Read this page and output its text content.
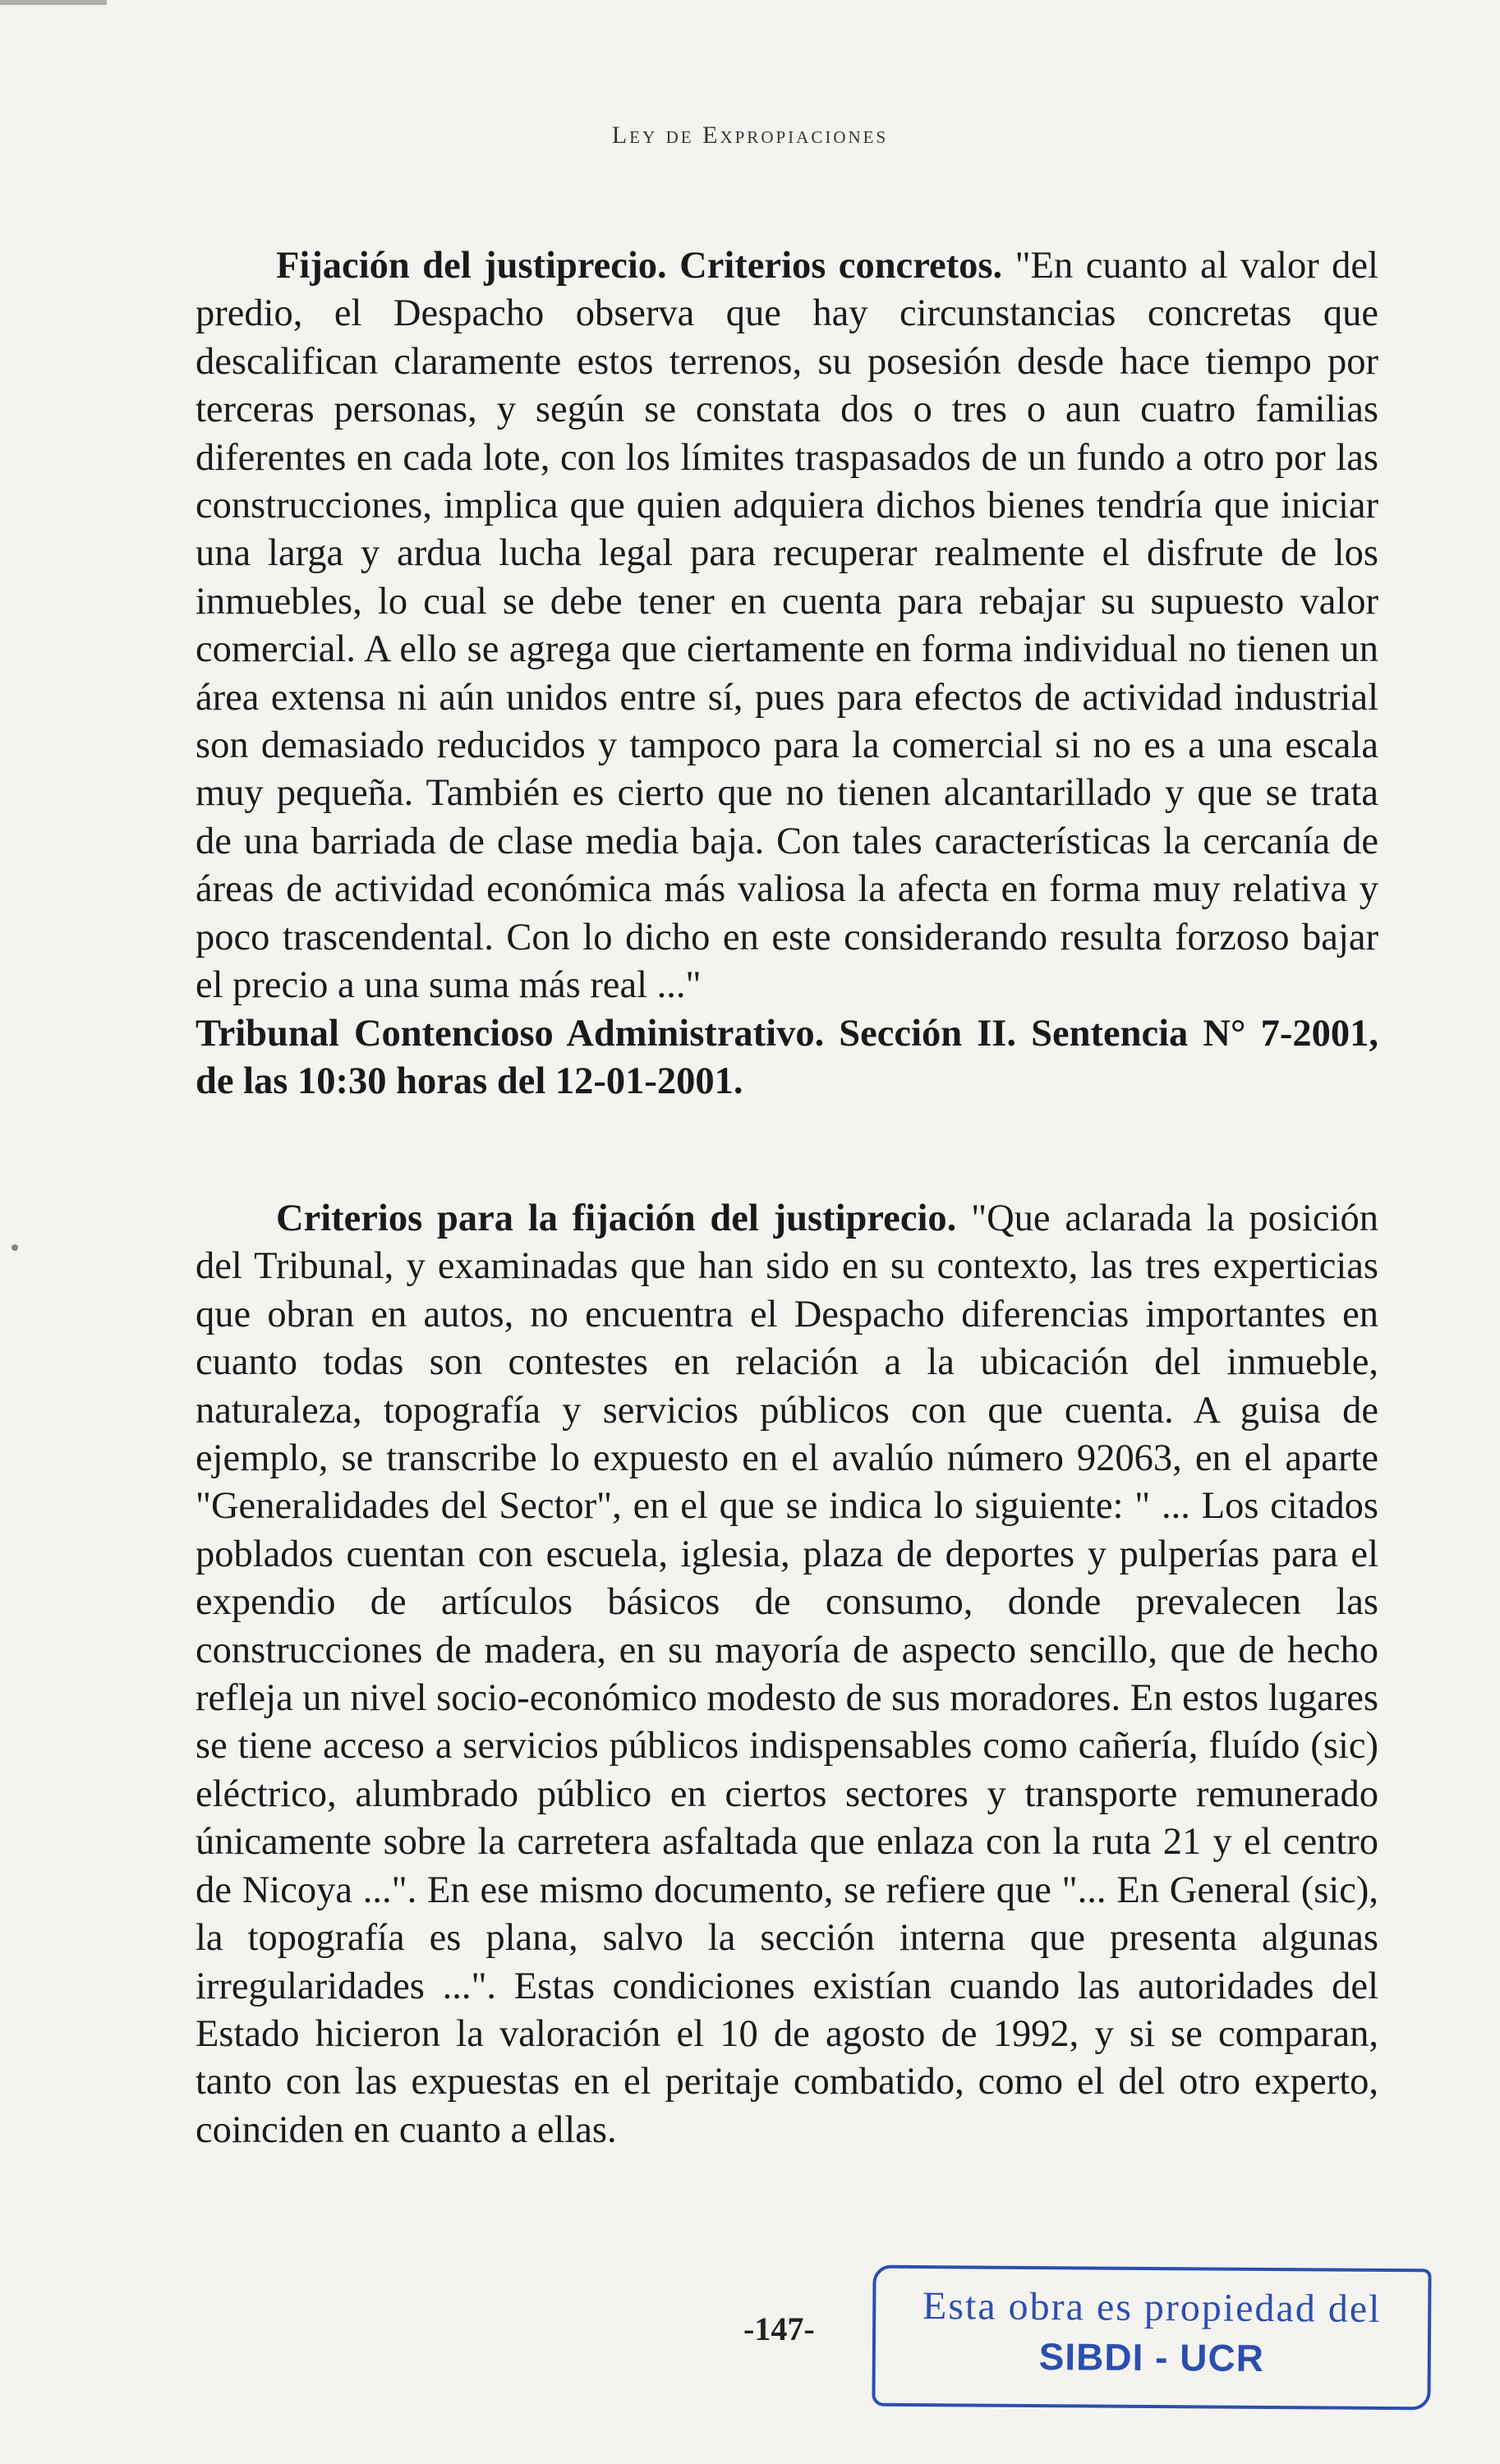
Ley de Expropiaciones

Fijación del justiprecio. Criterios concretos. "En cuanto al valor del predio, el Despacho observa que hay circunstancias concretas que descalifican claramente estos terrenos, su posesión desde hace tiempo por terceras personas, y según se constata dos o tres o aun cuatro familias diferentes en cada lote, con los límites traspasados de un fundo a otro por las construcciones, implica que quien adquiera dichos bienes tendría que iniciar una larga y ardua lucha legal para recuperar realmente el disfrute de los inmuebles, lo cual se debe tener en cuenta para rebajar su supuesto valor comercial. A ello se agrega que ciertamente en forma individual no tienen un área extensa ni aún unidos entre sí, pues para efectos de actividad industrial son demasiado reducidos y tampoco para la comercial si no es a una escala muy pequeña. También es cierto que no tienen alcantarillado y que se trata de una barriada de clase media baja. Con tales características la cercanía de áreas de actividad económica más valiosa la afecta en forma muy relativa y poco trascendental. Con lo dicho en este considerando resulta forzoso bajar el precio a una suma más real ..."
Tribunal Contencioso Administrativo. Sección II. Sentencia N° 7-2001, de las 10:30 horas del 12-01-2001.

Criterios para la fijación del justiprecio. "Que aclarada la posición del Tribunal, y examinadas que han sido en su contexto, las tres experticias que obran en autos, no encuentra el Despacho diferencias importantes en cuanto todas son contestes en relación a la ubicación del inmueble, naturaleza, topografía y servicios públicos con que cuenta. A guisa de ejemplo, se transcribe lo expuesto en el avalúo número 92063, en el aparte "Generalidades del Sector", en el que se indica lo siguiente: " ... Los citados poblados cuentan con escuela, iglesia, plaza de deportes y pulperías para el expendio de artículos básicos de consumo, donde prevalecen las construcciones de madera, en su mayoría de aspecto sencillo, que de hecho refleja un nivel socio-económico modesto de sus moradores. En estos lugares se tiene acceso a servicios públicos indispensables como cañería, fluído (sic) eléctrico, alumbrado público en ciertos sectores y transporte remunerado únicamente sobre la carretera asfaltada que enlaza con la ruta 21 y el centro de Nicoya ...". En ese mismo documento, se refiere que "... En General (sic), la topografía es plana, salvo la sección interna que presenta algunas irregularidades ...". Estas condiciones existían cuando las autoridades del Estado hicieron la valoración el 10 de agosto de 1992, y si se comparan, tanto con las expuestas en el peritaje combatido, como el del otro experto, coinciden en cuanto a ellas.

-147-	Esta obra es propiedad del
SIBDI - UCR
